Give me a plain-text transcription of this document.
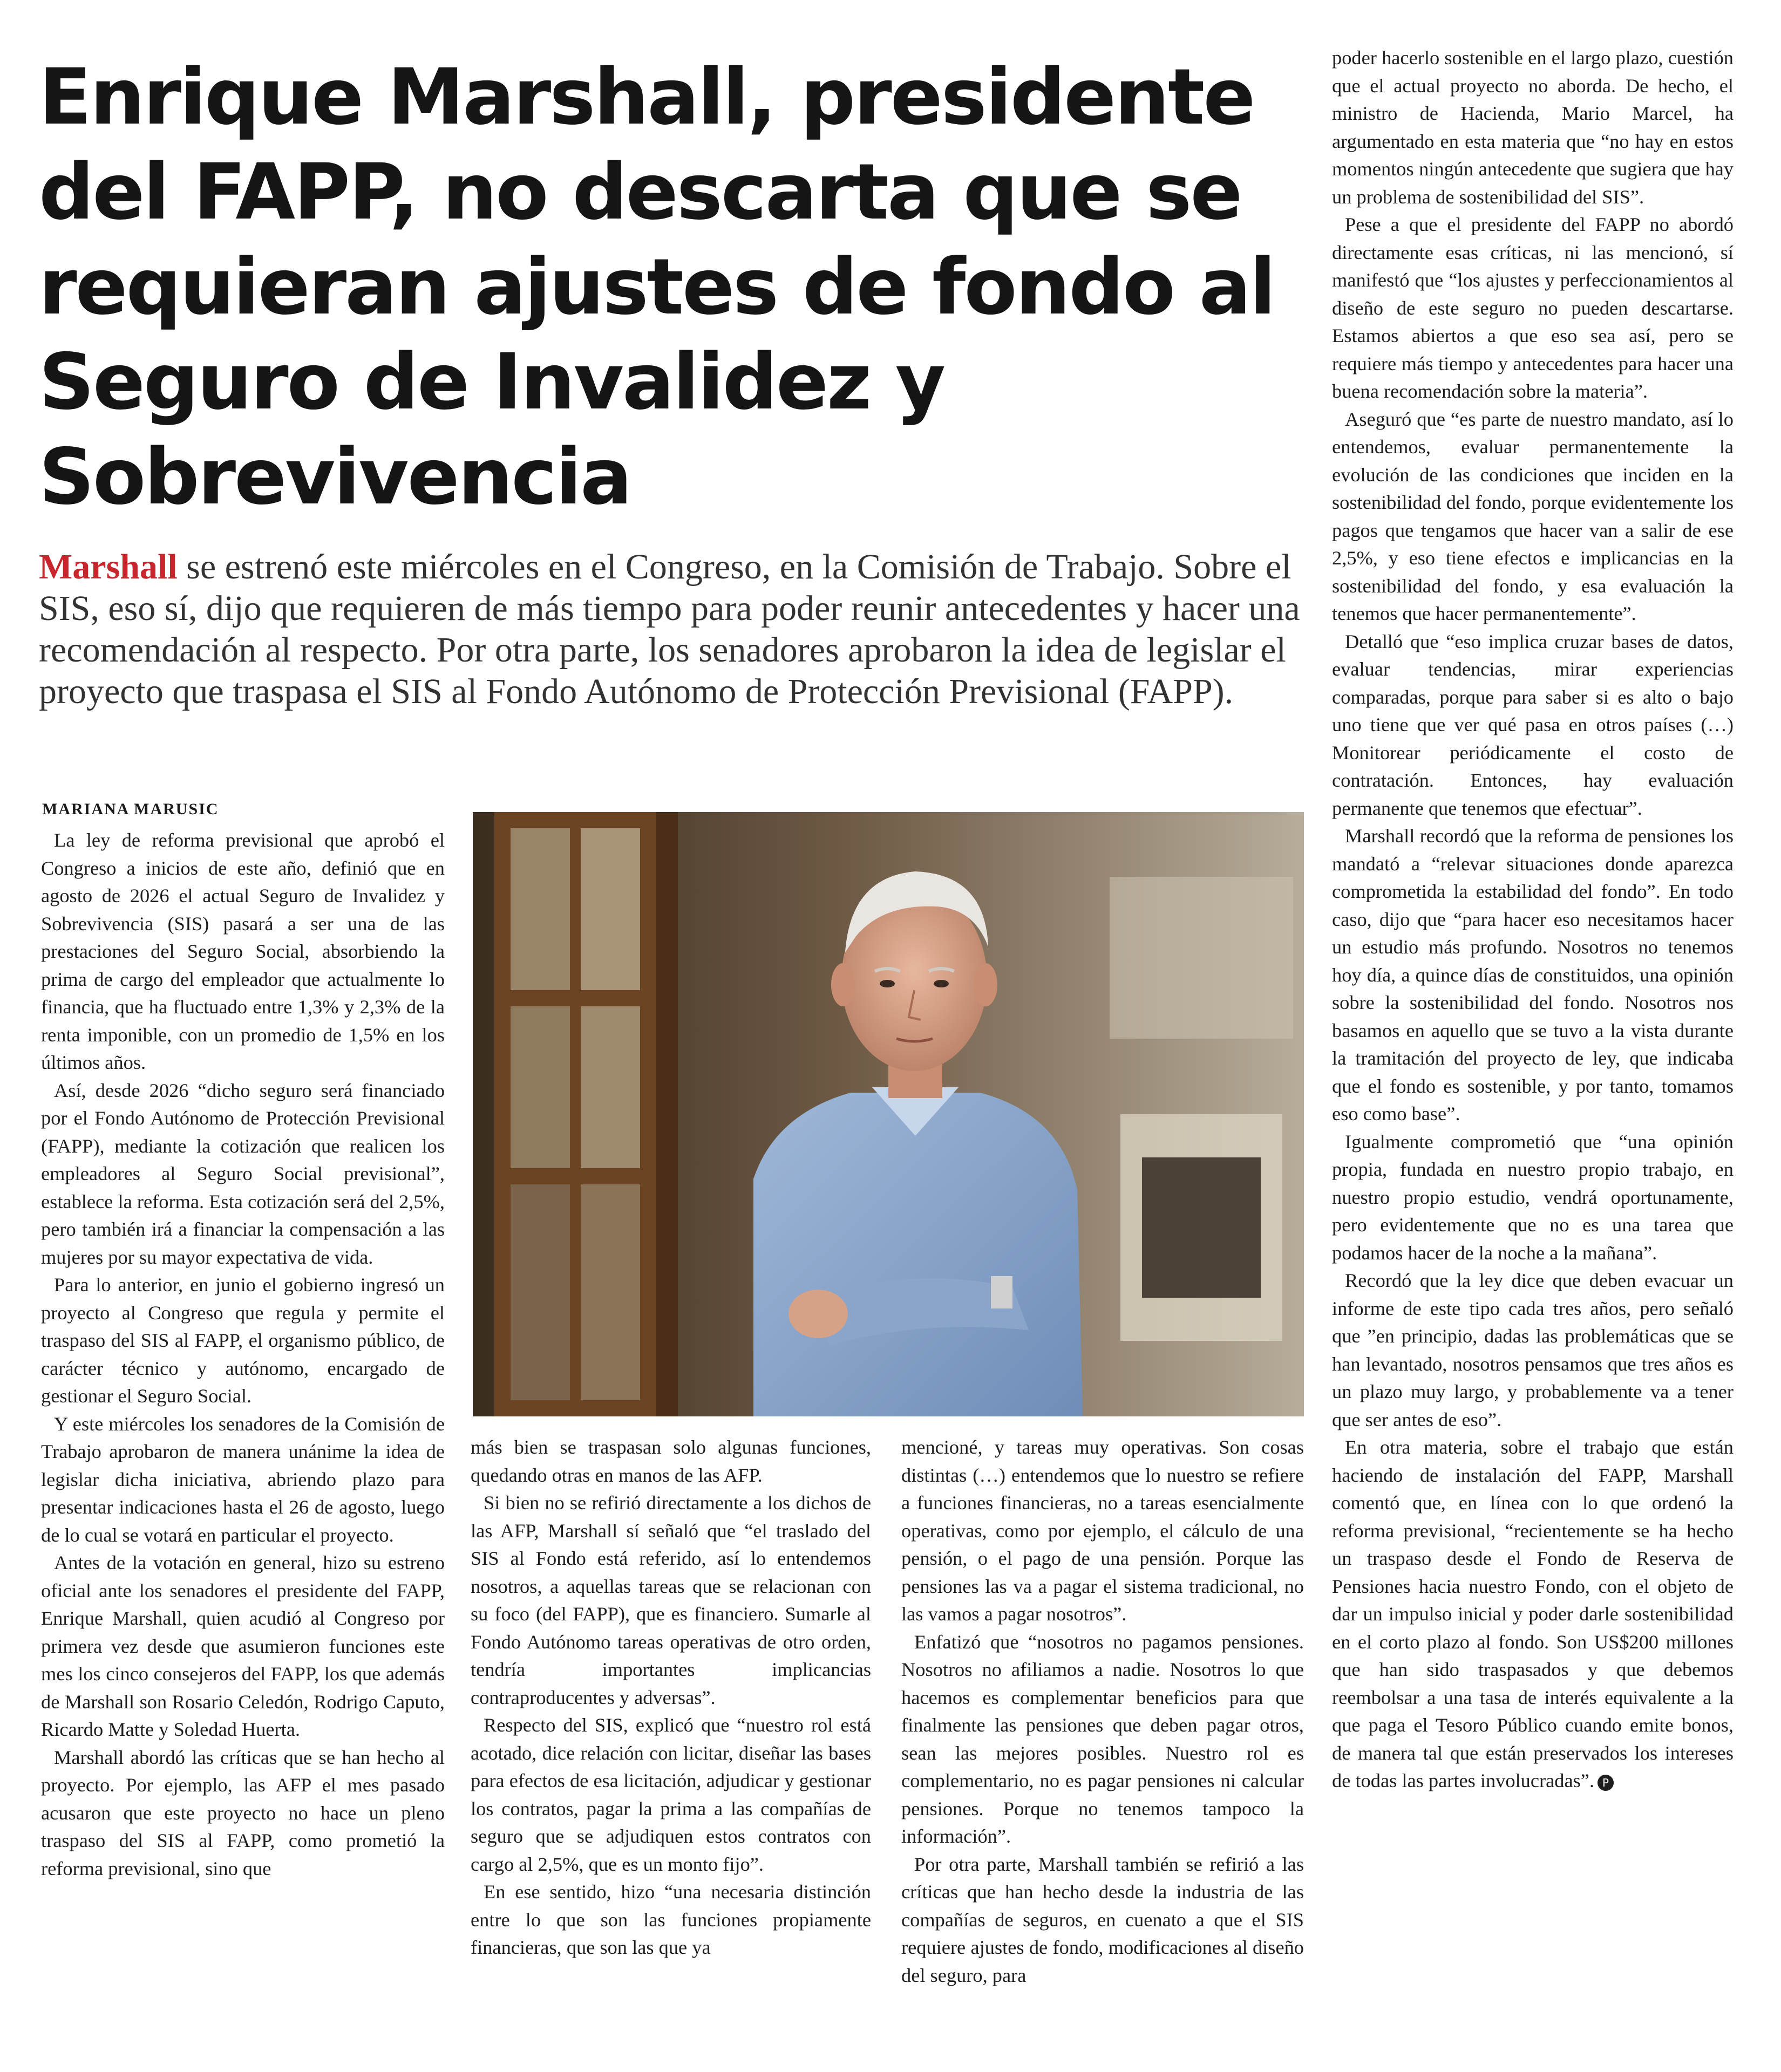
Enrique Marshall, presidente del FAPP, no descarta que se requieran ajustes de fondo al Seguro de Invalidez y Sobrevivencia

Marshall se estrenó este miércoles en el Congreso, en la Comisión de Trabajo. Sobre el SIS, eso sí, dijo que requieren de más tiempo para poder reunir antecedentes y hacer una recomendación al respecto. Por otra parte, los senadores aprobaron la idea de legislar el proyecto que traspasa el SIS al Fondo Autónomo de Protección Previsional (FAPP).

MARIANA MARUSIC

La ley de reforma previsional que aprobó el Congreso a inicios de este año, definió que en agosto de 2026 el actual Seguro de Invalidez y Sobrevivencia (SIS) pasará a ser una de las prestaciones del Seguro Social, absorbiendo la prima de cargo del empleador que actualmente lo financia, que ha fluctuado entre 1,3% y 2,3% de la renta imponible, con un promedio de 1,5% en los últimos años.

Así, desde 2026 “dicho seguro será financiado por el Fondo Autónomo de Protección Previsional (FAPP), mediante la cotización que realicen los empleadores al Seguro Social previsional”, establece la reforma. Esta cotización será del 2,5%, pero también irá a financiar la compensación a las mujeres por su mayor expectativa de vida.

Para lo anterior, en junio el gobierno ingresó un proyecto al Congreso que regula y permite el traspaso del SIS al FAPP, el organismo público, de carácter técnico y autónomo, encargado de gestionar el Seguro Social.

Y este miércoles los senadores de la Comisión de Trabajo aprobaron de manera unánime la idea de legislar dicha iniciativa, abriendo plazo para presentar indicaciones hasta el 26 de agosto, luego de lo cual se votará en particular el proyecto.

Antes de la votación en general, hizo su estreno oficial ante los senadores el presidente del FAPP, Enrique Marshall, quien acudió al Congreso por primera vez desde que asumieron funciones este mes los cinco consejeros del FAPP, los que además de Marshall son Rosario Celedón, Rodrigo Caputo, Ricardo Matte y Soledad Huerta.

Marshall abordó las críticas que se han hecho al proyecto. Por ejemplo, las AFP el mes pasado acusaron que este proyecto no hace un pleno traspaso del SIS al FAPP, como prometió la reforma previsional, sino que

más bien se traspasan solo algunas funciones, quedando otras en manos de las AFP.

Si bien no se refirió directamente a los dichos de las AFP, Marshall sí señaló que “el traslado del SIS al Fondo está referido, así lo entendemos nosotros, a aquellas tareas que se relacionan con su foco (del FAPP), que es financiero. Sumarle al Fondo Autónomo tareas operativas de otro orden, tendría importantes implicancias contraproducentes y adversas”.

Respecto del SIS, explicó que “nuestro rol está acotado, dice relación con licitar, diseñar las bases para efectos de esa licitación, adjudicar y gestionar los contratos, pagar la prima a las compañías de seguro que se adjudiquen estos contratos con cargo al 2,5%, que es un monto fijo”.

En ese sentido, hizo “una necesaria distinción entre lo que son las funciones propiamente financieras, que son las que ya

mencioné, y tareas muy operativas. Son cosas distintas (…) entendemos que lo nuestro se refiere a funciones financieras, no a tareas esencialmente operativas, como por ejemplo, el cálculo de una pensión, o el pago de una pensión. Porque las pensiones las va a pagar el sistema tradicional, no las vamos a pagar nosotros”.

Enfatizó que “nosotros no pagamos pensiones. Nosotros no afiliamos a nadie. Nosotros lo que hacemos es complementar beneficios para que finalmente las pensiones que deben pagar otros, sean las mejores posibles. Nuestro rol es complementario, no es pagar pensiones ni calcular pensiones. Porque no tenemos tampoco la información”.

Por otra parte, Marshall también se refirió a las críticas que han hecho desde la industria de las compañías de seguros, en cuenato a que el SIS requiere ajustes de fondo, modificaciones al diseño del seguro, para

poder hacerlo sostenible en el largo plazo, cuestión que el actual proyecto no aborda. De hecho, el ministro de Hacienda, Mario Marcel, ha argumentado en esta materia que “no hay en estos momentos ningún antecedente que sugiera que hay un problema de sostenibilidad del SIS”.

Pese a que el presidente del FAPP no abordó directamente esas críticas, ni las mencionó, sí manifestó que “los ajustes y perfeccionamientos al diseño de este seguro no pueden descartarse. Estamos abiertos a que eso sea así, pero se requiere más tiempo y antecedentes para hacer una buena recomendación sobre la materia”.

Aseguró que “es parte de nuestro mandato, así lo entendemos, evaluar permanentemente la evolución de las condiciones que inciden en la sostenibilidad del fondo, porque evidentemente los pagos que tengamos que hacer van a salir de ese 2,5%, y eso tiene efectos e implicancias en la sostenibilidad del fondo, y esa evaluación la tenemos que hacer permanentemente”.

Detalló que “eso implica cruzar bases de datos, evaluar tendencias, mirar experiencias comparadas, porque para saber si es alto o bajo uno tiene que ver qué pasa en otros países (…) Monitorear periódicamente el costo de contratación. Entonces, hay evaluación permanente que tenemos que efectuar”.

Marshall recordó que la reforma de pensiones los mandató a “relevar situaciones donde aparezca comprometida la estabilidad del fondo”. En todo caso, dijo que “para hacer eso necesitamos hacer un estudio más profundo. Nosotros no tenemos hoy día, a quince días de constituidos, una opinión sobre la sostenibilidad del fondo. Nosotros nos basamos en aquello que se tuvo a la vista durante la tramitación del proyecto de ley, que indicaba que el fondo es sostenible, y por tanto, tomamos eso como base”.

Igualmente comprometió que “una opinión propia, fundada en nuestro propio trabajo, en nuestro propio estudio, vendrá oportunamente, pero evidentemente que no es una tarea que podamos hacer de la noche a la mañana”.

Recordó que la ley dice que deben evacuar un informe de este tipo cada tres años, pero señaló que ”en principio, dadas las problemáticas que se han levantado, nosotros pensamos que tres años es un plazo muy largo, y probablemente va a tener que ser antes de eso”.

En otra materia, sobre el trabajo que están haciendo de instalación del FAPP, Marshall comentó que, en línea con lo que ordenó la reforma previsional, “recientemente se ha hecho un traspaso desde el Fondo de Reserva de Pensiones hacia nuestro Fondo, con el objeto de dar un impulso inicial y poder darle sostenibilidad en el corto plazo al fondo. Son US$200 millones que han sido traspasados y que debemos reembolsar a una tasa de interés equivalente a la que paga el Tesoro Público cuando emite bonos, de manera tal que están preservados los intereses de todas las partes involucradas”. P
